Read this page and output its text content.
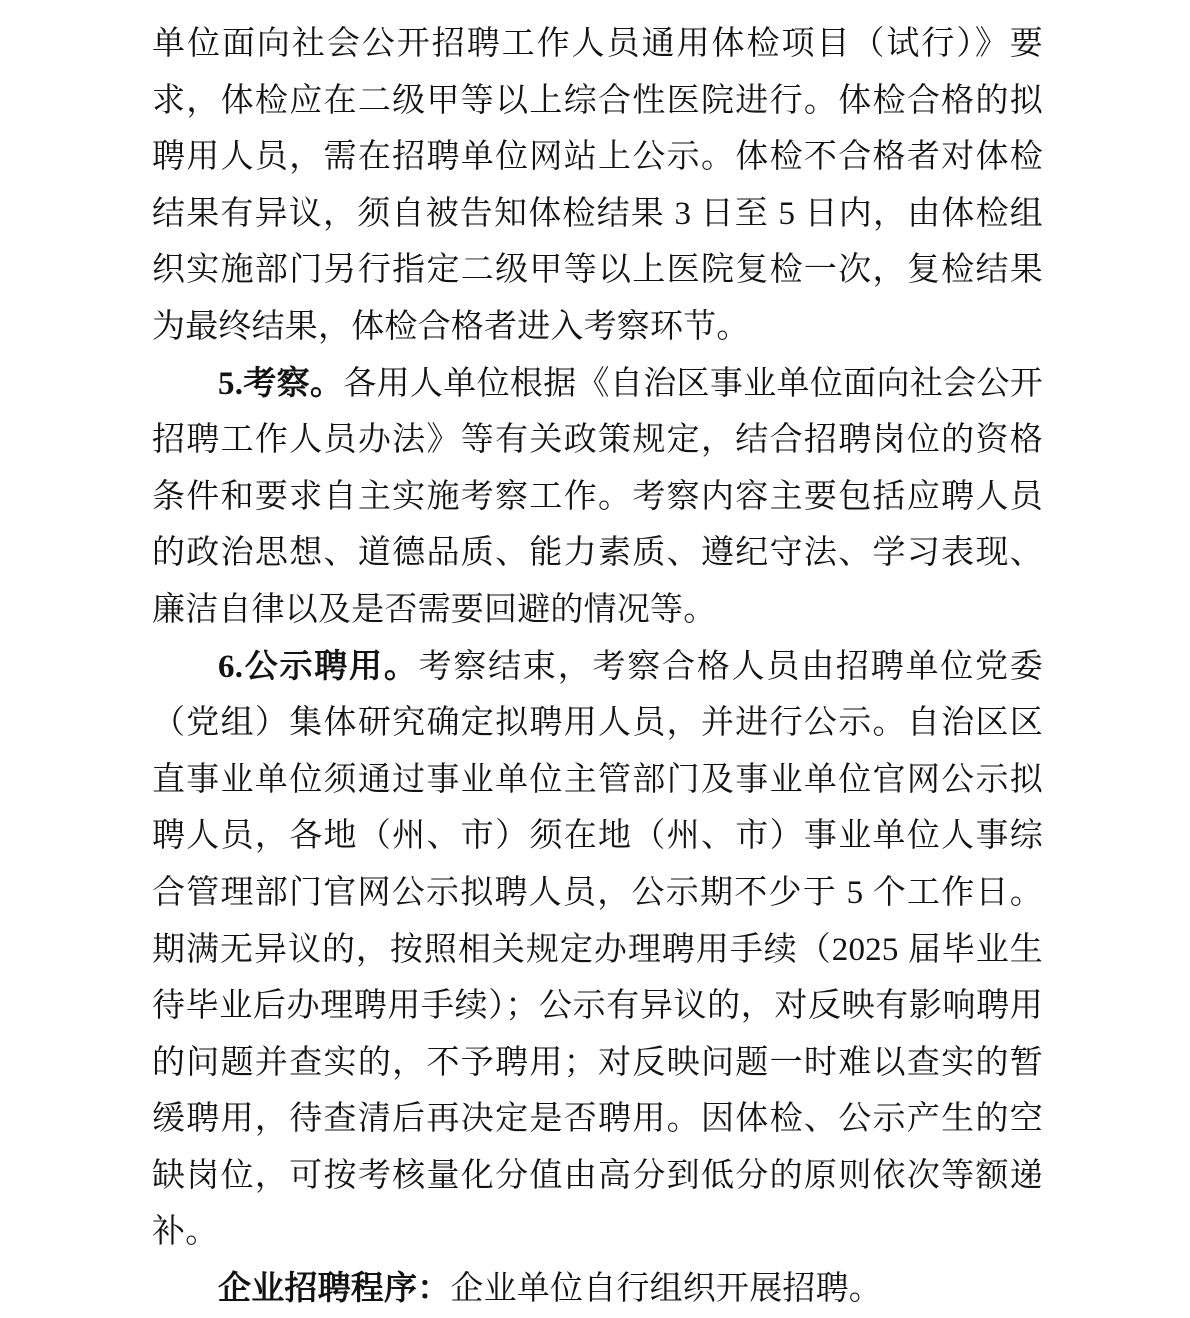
单位面向社会公开招聘工作人员通用体检项目（试行）》要求，体检应在二级甲等以上综合性医院进行。体检合格的拟聘用人员，需在招聘单位网站上公示。体检不合格者对体检结果有异议，须自被告知体检结果 3 日至 5 日内，由体检组织实施部门另行指定二级甲等以上医院复检一次，复检结果为最终结果，体检合格者进入考察环节。

5.考察。各用人单位根据《自治区事业单位面向社会公开招聘工作人员办法》等有关政策规定，结合招聘岗位的资格条件和要求自主实施考察工作。考察内容主要包括应聘人员的政治思想、道德品质、能力素质、遵纪守法、学习表现、廉洁自律以及是否需要回避的情况等。

6.公示聘用。考察结束，考察合格人员由招聘单位党委（党组）集体研究确定拟聘用人员，并进行公示。自治区区直事业单位须通过事业单位主管部门及事业单位官网公示拟聘人员，各地（州、市）须在地（州、市）事业单位人事综合管理部门官网公示拟聘人员，公示期不少于 5 个工作日。期满无异议的，按照相关规定办理聘用手续（2025 届毕业生待毕业后办理聘用手续）；公示有异议的，对反映有影响聘用的问题并查实的，不予聘用；对反映问题一时难以查实的暂缓聘用，待查清后再决定是否聘用。因体检、公示产生的空缺岗位，可按考核量化分值由高分到低分的原则依次等额递补。

企业招聘程序：企业单位自行组织开展招聘。
